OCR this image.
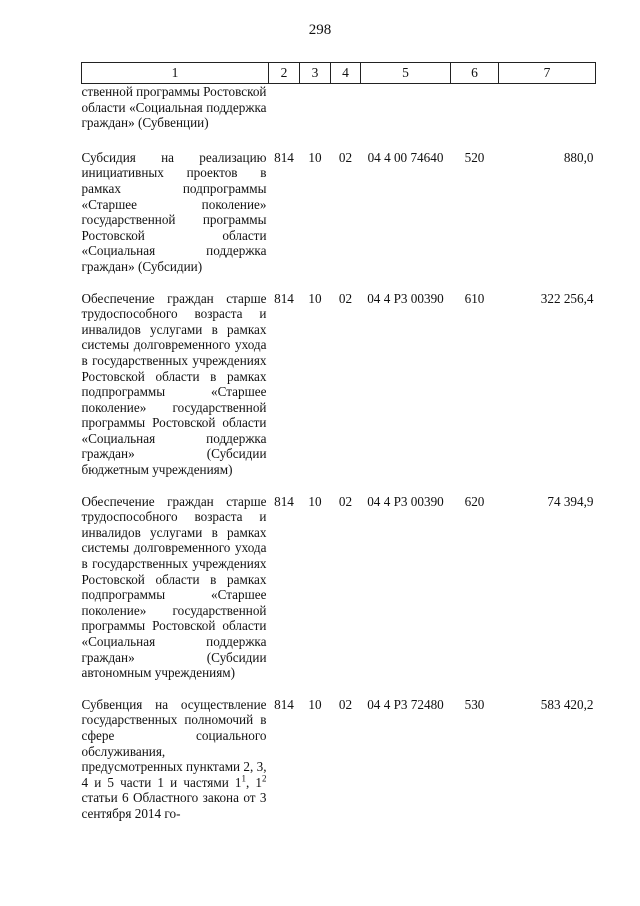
298
1	2	3	4	5	6	7
ственной программы Ростовской области «Социальная поддержка граждан» (Субвенции)						
Субсидия на реализацию инициативных проектов в рамках подпрограммы «Старшее поколение» государственной программы Ростовской области «Социальная поддержка граждан» (Субсидии)	814	10	02	04 4 00 74640	520	880,0
Обеспечение граждан старше трудоспособного возраста и инвалидов услугами в рамках системы долговременного ухода в государственных учреждениях Ростовской области в рамках подпрограммы «Старшее поколение» государственной программы Ростовской области «Социальная поддержка граждан» (Субсидии бюджетным учреждениям)	814	10	02	04 4 P3 00390	610	322 256,4
Обеспечение граждан старше трудоспособного возраста и инвалидов услугами в рамках системы долговременного ухода в государственных учреждениях Ростовской области в рамках подпрограммы «Старшее поколение» государственной программы Ростовской области «Социальная поддержка граждан» (Субсидии автономным учреждениям)	814	10	02	04 4 P3 00390	620	74 394,9
Субвенция на осуществление государственных полномочий в сфере социального обслуживания, предусмотренных пунктами 2, 3, 4 и 5 части 1 и частями $1^1$, $1^2$ статьи 6 Областного закона от 3 сентября 2014 го-	814	10	02	04 4 P3 72480	530	583 420,2
